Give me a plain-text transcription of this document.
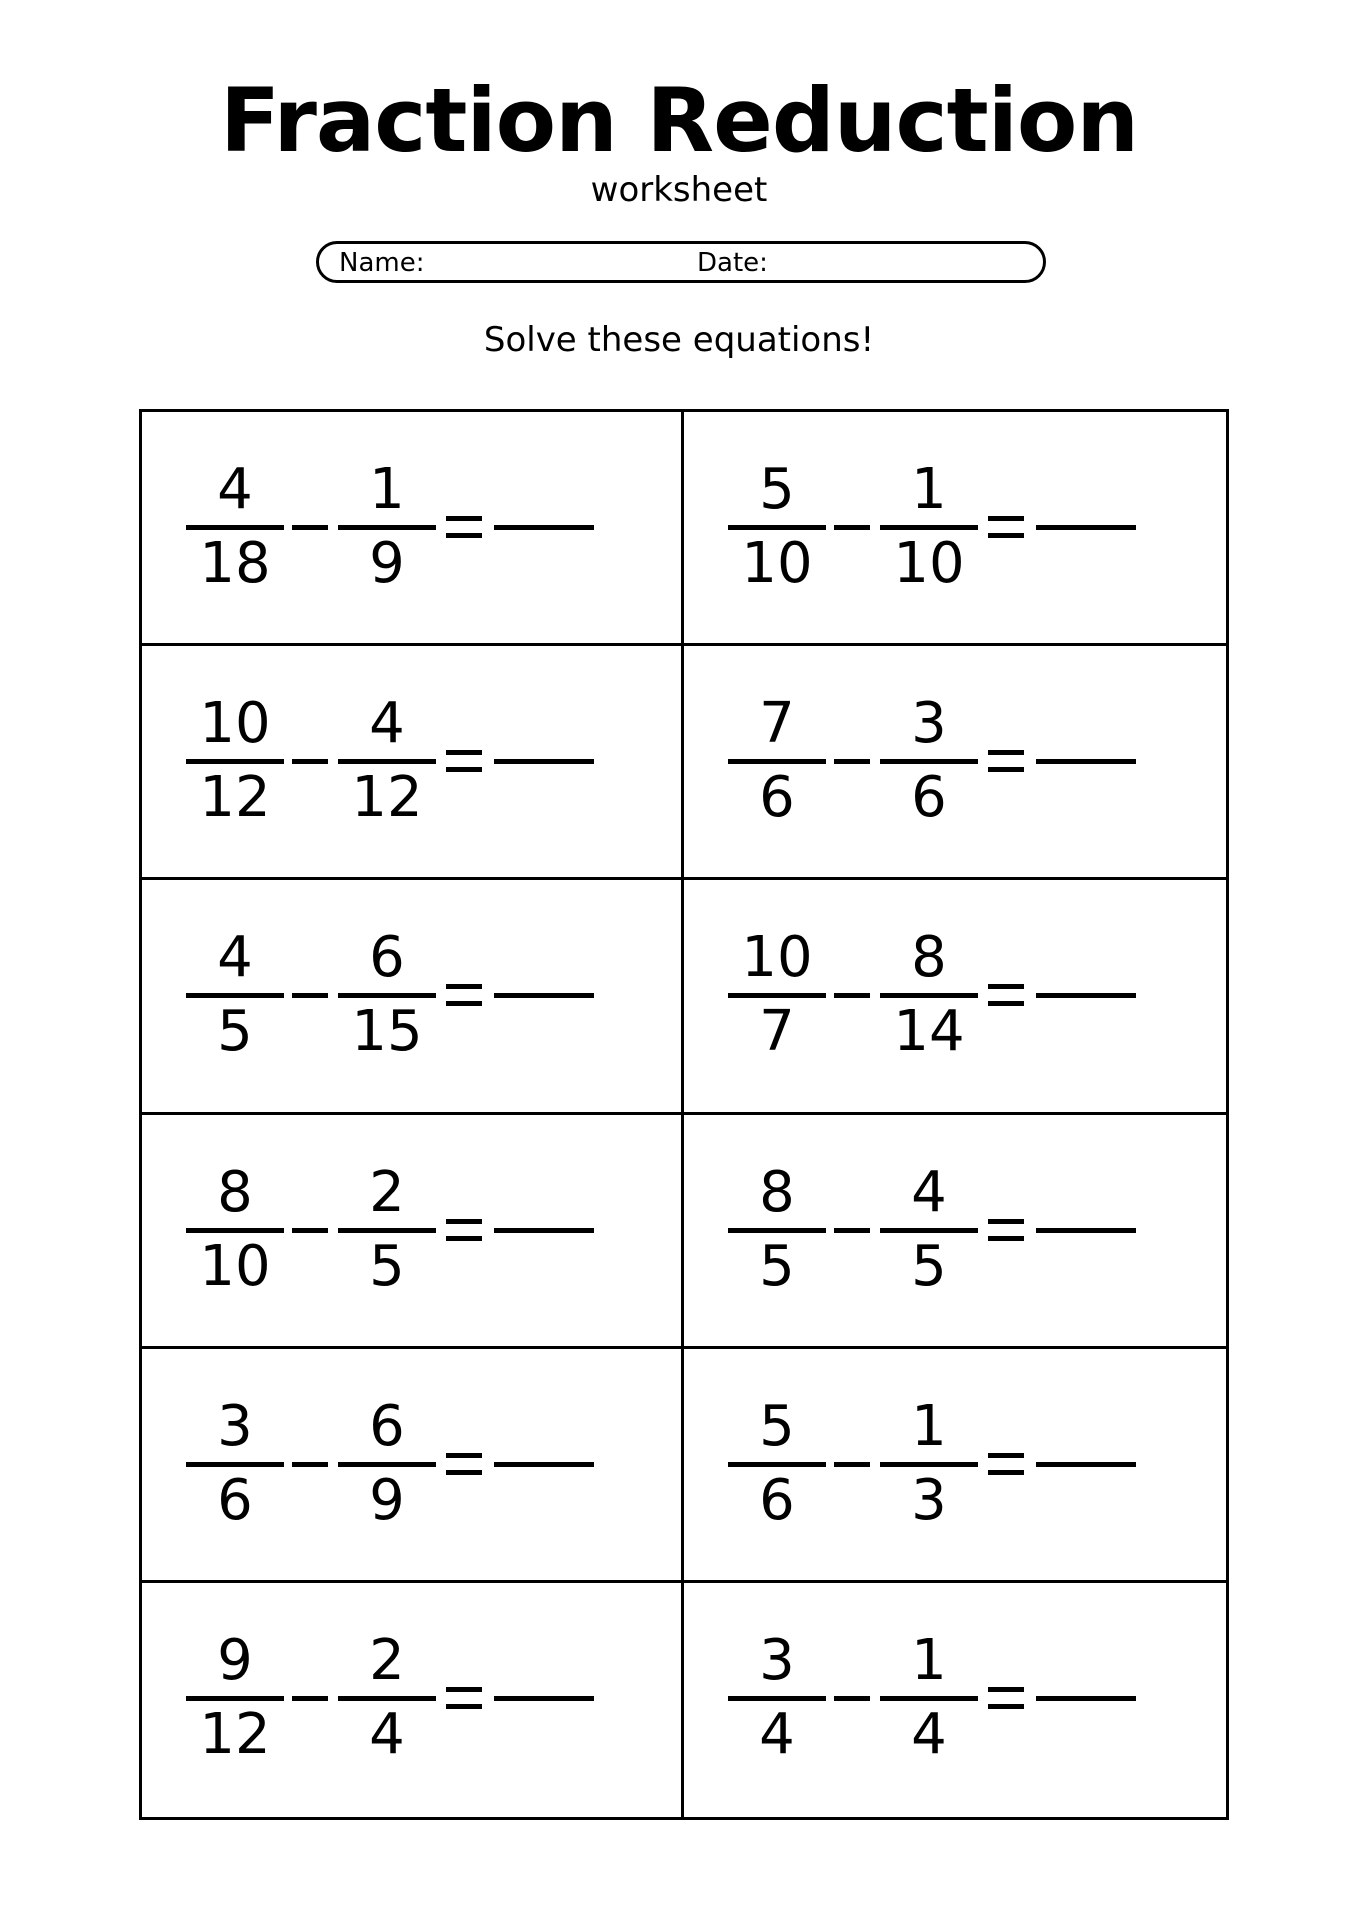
Fraction Reduction
worksheet
Name:	Date:
Solve these equations!
4
18
1
9
5
10
1
10
10
12
4
12
7
6
3
6
4
5
6
15
10
7
8
14
8
10
2
5
8
5
4
5
3
6
6
9
5
6
1
3
9
12
2
4
3
4
1
4
